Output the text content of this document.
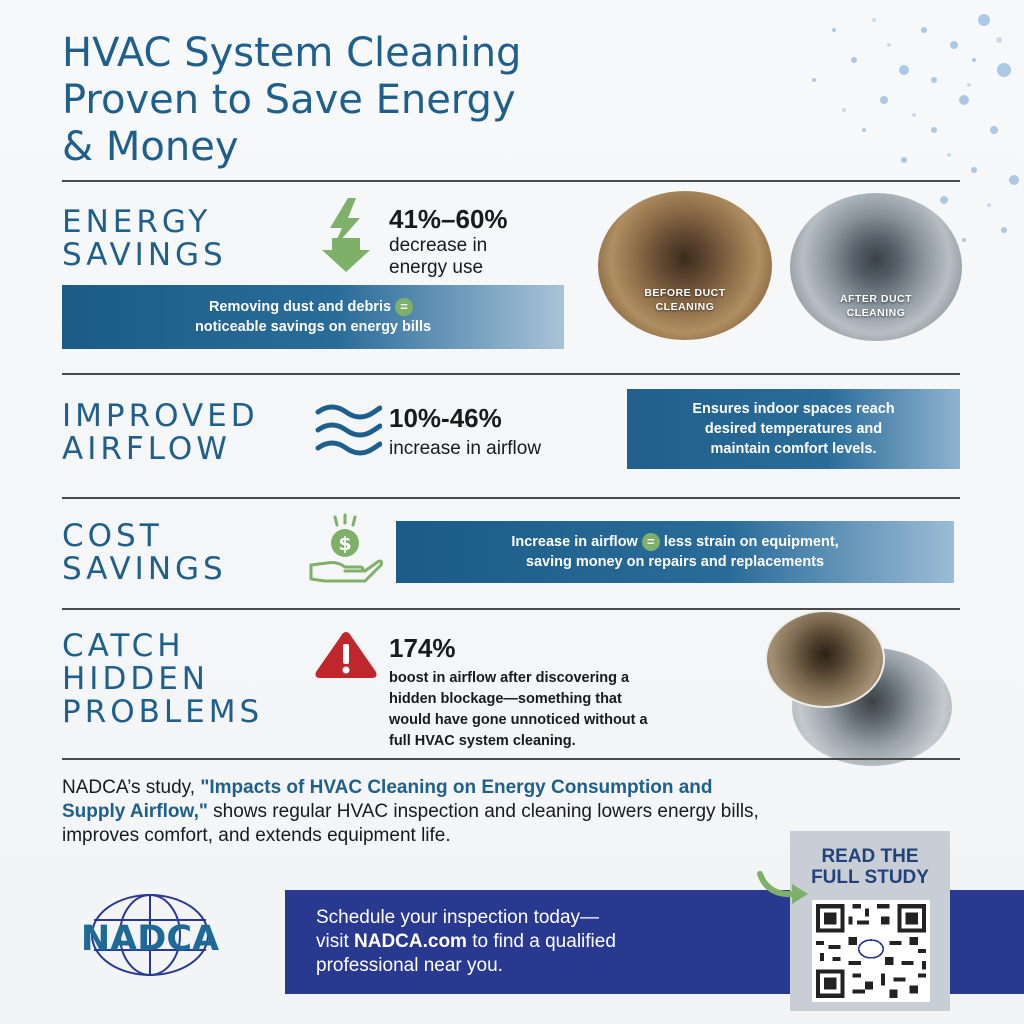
HVAC System Cleaning
Proven to Save Energy
& Money
ENERGY
SAVINGS
41%–60%
decrease in
energy use
Removing dust and debris =
noticeable savings on energy bills
BEFORE DUCT
CLEANING
AFTER DUCT
CLEANING
IMPROVED
AIRFLOW
10%-46%
increase in airflow
Ensures indoor spaces reach
desired temperatures and
maintain comfort levels.
COST
SAVINGS
$	Increase in airflow = less strain on equipment,
saving money on repairs and replacements
CATCH
HIDDEN
PROBLEMS
174%
boost in airflow after discovering a
hidden blockage—something that
would have gone unnoticed without a
full HVAC system cleaning.
NADCA’s study, "Impacts of HVAC Cleaning on Energy Consumption and Supply Airflow," shows regular HVAC inspection and cleaning lowers energy bills, improves comfort, and extends equipment life.
NADCA
Schedule your inspection today—
visit NADCA.com to find a qualified
professional near you.
READ THE
FULL STUDY
